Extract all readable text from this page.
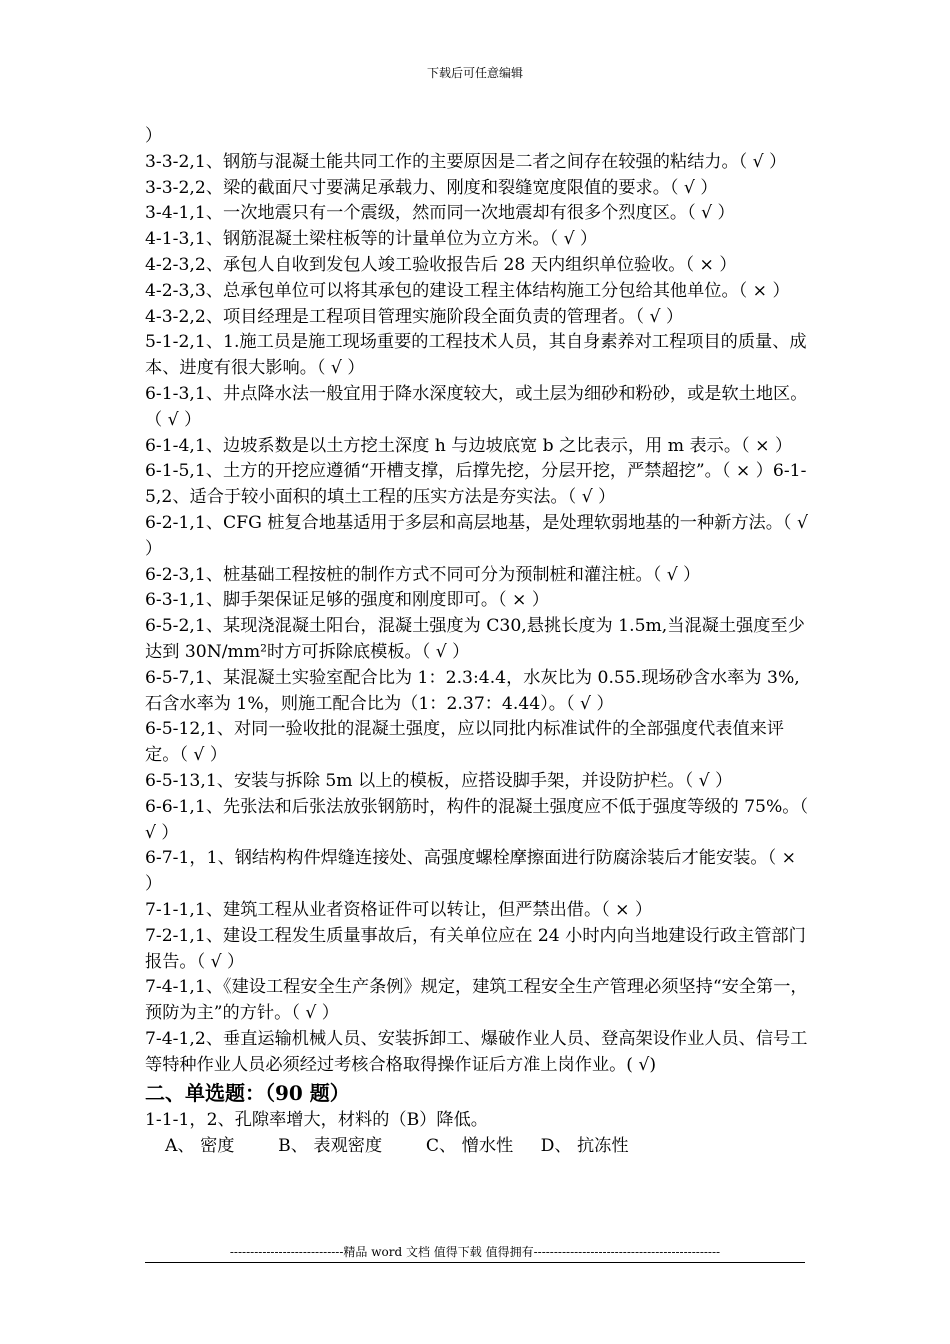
下载后可任意编辑

）

3-3-2,1、钢筋与混凝土能共同工作的主要原因是二者之间存在较强的粘结力。（ √ ）

3-3-2,2、梁的截面尺寸要满足承载力、刚度和裂缝宽度限值的要求。（ √ ）

3-4-1,1、一次地震只有一个震级，然而同一次地震却有很多个烈度区。（ √ ）

4-1-3,1、钢筋混凝土梁柱板等的计量单位为立方米。（ √ ）

4-2-3,2、承包人自收到发包人竣工验收报告后 28 天内组织单位验收。（ × ）

4-2-3,3、总承包单位可以将其承包的建设工程主体结构施工分包给其他单位。（ × ）

4-3-2,2、项目经理是工程项目管理实施阶段全面负责的管理者。（ √ ）

5-1-2,1、1.施工员是施工现场重要的工程技术人员，其自身素养对工程项目的质量、成本、进度有很大影响。（ √ ）

6-1-3,1、井点降水法一般宜用于降水深度较大，或土层为细砂和粉砂，或是软土地区。（ √ ）

6-1-4,1、边坡系数是以土方挖土深度 h 与边坡底宽 b 之比表示，用 m 表示。（ × ）

6-1-5,1、土方的开挖应遵循“开槽支撑，后撑先挖，分层开挖，严禁超挖”。（ × ）6-1-5,2、适合于较小面积的填土工程的压实方法是夯实法。（ √ ）

6-2-1,1、CFG 桩复合地基适用于多层和高层地基，是处理软弱地基的一种新方法。（ √ ）

6-2-3,1、桩基础工程按桩的制作方式不同可分为预制桩和灌注桩。（ √ ）

6-3-1,1、脚手架保证足够的强度和刚度即可。（ × ）

6-5-2,1、某现浇混凝土阳台，混凝土强度为 C30,悬挑长度为 1.5m,当混凝土强度至少达到 30N/mm²时方可拆除底模板。（ √ ）

6-5-7,1、某混凝土实验室配合比为 1：2.3:4.4，水灰比为 0.55.现场砂含水率为 3%,石含水率为 1%，则施工配合比为（1：2.37：4.44）。（ √ ）

6-5-12,1、对同一验收批的混凝土强度，应以同批内标准试件的全部强度代表值来评定。（ √ ）

6-5-13,1、安装与拆除 5m 以上的模板，应搭设脚手架，并设防护栏。（ √ ）

6-6-1,1、先张法和后张法放张钢筋时，构件的混凝土强度应不低于强度等级的 75%。（ √ ）

6-7-1，1、钢结构构件焊缝连接处、高强度螺栓摩擦面进行防腐涂装后才能安装。（ × ）

7-1-1,1、建筑工程从业者资格证件可以转让，但严禁出借。（ × ）

7-2-1,1、建设工程发生质量事故后，有关单位应在 24 小时内向当地建设行政主管部门报告。（ √ ）

7-4-1,1、《建设工程安全生产条例》规定，建筑工程安全生产管理必须坚持“安全第一，预防为主”的方针。（ √ ）

7-4-1,2、垂直运输机械人员、安装拆卸工、爆破作业人员、登高架设作业人员、信号工等特种作业人员必须经过考核合格取得操作证后方准上岗作业。( √)

二、单选题：（90 题）

1-1-1，2、孔隙率增大，材料的（B）降低。

A、 密度        B、 表观密度        C、 憎水性     D、 抗冻性

----------------------------精品 word 文档 值得下载 值得拥有----------------------------------------------
